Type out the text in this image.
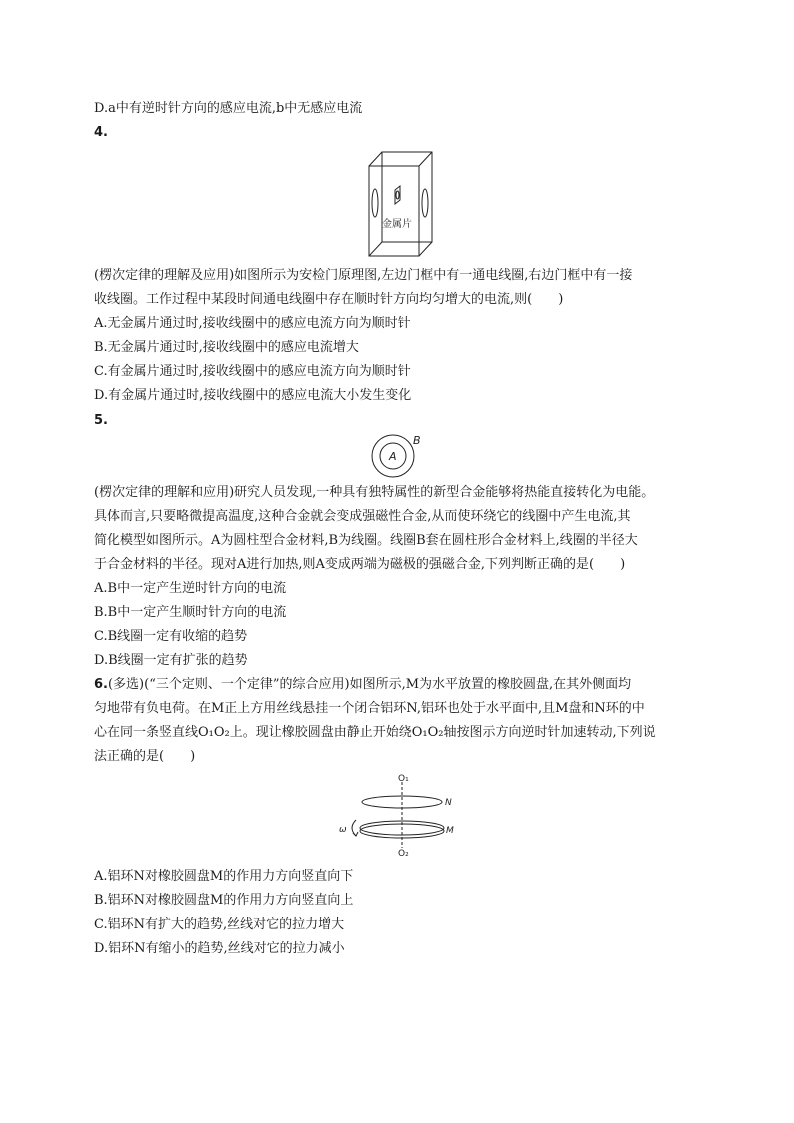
D.a中有逆时针方向的感应电流,b中无感应电流
4.
金属片
(楞次定律的理解及应用)如图所示为安检门原理图,左边门框中有一通电线圈,右边门框中有一接
收线圈。工作过程中某段时间通电线圈中存在顺时针方向均匀增大的电流,则(　　)
A.无金属片通过时,接收线圈中的感应电流方向为顺时针
B.无金属片通过时,接收线圈中的感应电流增大
C.有金属片通过时,接收线圈中的感应电流方向为顺时针
D.有金属片通过时,接收线圈中的感应电流大小发生变化
5.
A
B
(楞次定律的理解和应用)研究人员发现,一种具有独特属性的新型合金能够将热能直接转化为电能。
具体而言,只要略微提高温度,这种合金就会变成强磁性合金,从而使环绕它的线圈中产生电流,其
简化模型如图所示。A为圆柱型合金材料,B为线圈。线圈B套在圆柱形合金材料上,线圈的半径大
于合金材料的半径。现对A进行加热,则A变成两端为磁极的强磁合金,下列判断正确的是(　　)
A.B中一定产生逆时针方向的电流
B.B中一定产生顺时针方向的电流
C.B线圈一定有收缩的趋势
D.B线圈一定有扩张的趋势
6.(多选)(“三个定则、一个定律”的综合应用)如图所示,M为水平放置的橡胶圆盘,在其外侧面均
匀地带有负电荷。在M正上方用丝线悬挂一个闭合铝环N,铝环也处于水平面中,且M盘和N环的中
心在同一条竖直线O₁O₂上。现让橡胶圆盘由静止开始绕O₁O₂轴按图示方向逆时针加速转动,下列说
法正确的是(　　)
O₁
O₂
N
M
ω
A.铝环N对橡胶圆盘M的作用力方向竖直向下
B.铝环N对橡胶圆盘M的作用力方向竖直向上
C.铝环N有扩大的趋势,丝线对它的拉力增大
D.铝环N有缩小的趋势,丝线对它的拉力减小
